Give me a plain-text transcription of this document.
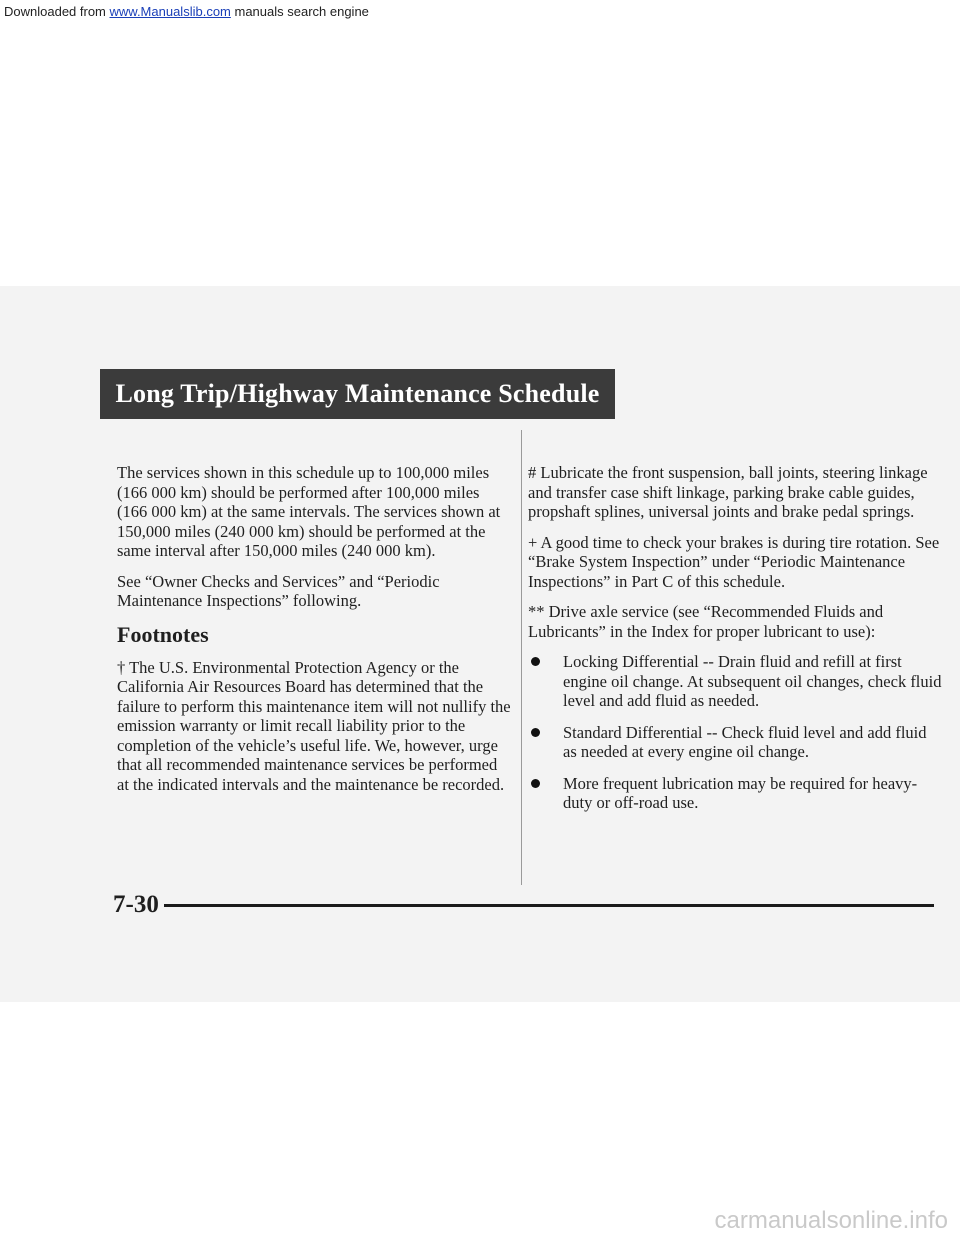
Downloaded from www.Manualslib.com manuals search engine
Long Trip/Highway Maintenance Schedule

The services shown in this schedule up to 100,000 miles (166 000 km) should be performed after 100,000 miles (166 000 km) at the same intervals. The services shown at 150,000 miles (240 000 km) should be performed at the same interval after 150,000 miles (240 000 km).

See “Owner Checks and Services” and “Periodic Maintenance Inspections” following.

Footnotes

† The U.S. Environmental Protection Agency or the California Air Resources Board has determined that the failure to perform this maintenance item will not nullify the emission warranty or limit recall liability prior to the completion of the vehicle’s useful life. We, however, urge that all recommended maintenance services be performed at the indicated intervals and the maintenance be recorded.

# Lubricate the front suspension, ball joints, steering linkage and transfer case shift linkage, parking brake cable guides, propshaft splines, universal joints and brake pedal springs.

+ A good time to check your brakes is during tire rotation. See “Brake System Inspection” under “Periodic Maintenance Inspections” in Part C of this schedule.

** Drive axle service (see “Recommended Fluids and Lubricants” in the Index for proper lubricant to use):

Locking Differential -- Drain fluid and refill at first engine oil change. At subsequent oil changes, check fluid level and add fluid as needed.
Standard Differential -- Check fluid level and add fluid as needed at every engine oil change.
More frequent lubrication may be required for heavy-duty or off-road use.
7-30
carmanualsonline.info
